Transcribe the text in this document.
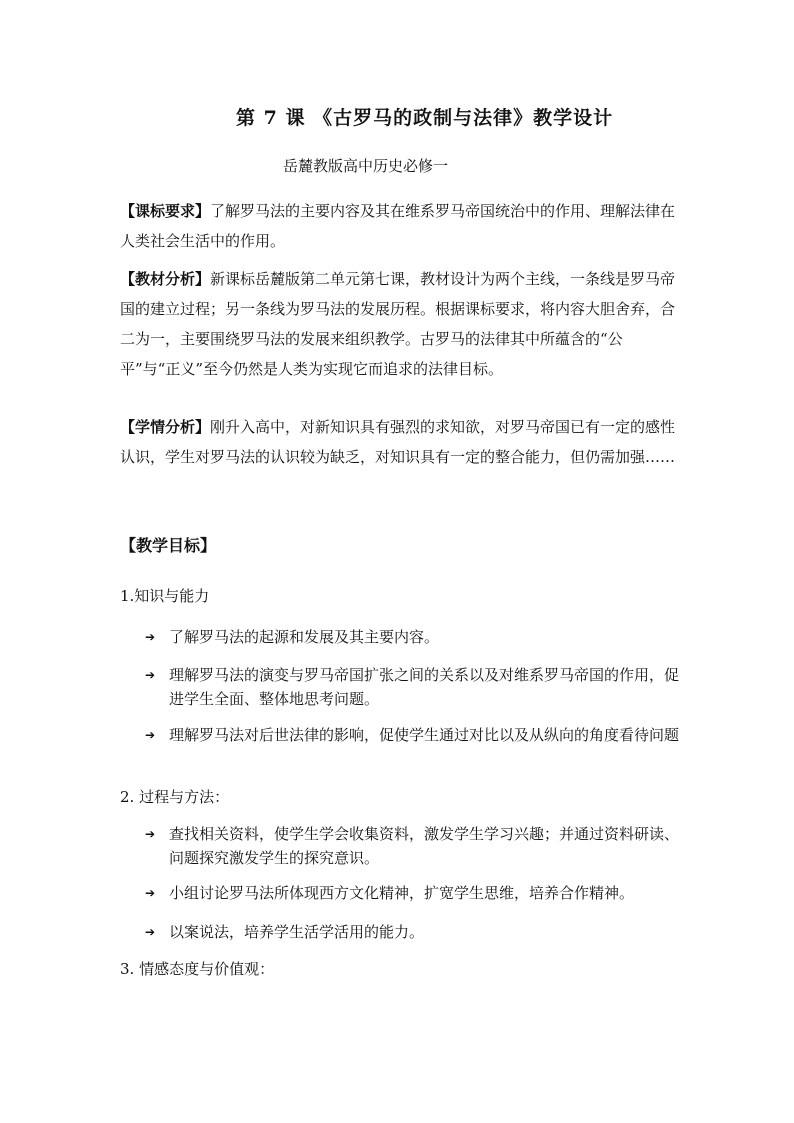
第 7 课 《古罗马的政制与法律》教学设计
岳麓教版高中历史必修一
【课标要求】了解罗马法的主要内容及其在维系罗马帝国统治中的作用、理解法律在人类社会生活中的作用。
【教材分析】新课标岳麓版第二单元第七课，教材设计为两个主线，一条线是罗马帝国的建立过程；另一条线为罗马法的发展历程。根据课标要求，将内容大胆舍弃，合二为一，主要围绕罗马法的发展来组织教学。古罗马的法律其中所蕴含的“公平”与“正义”至今仍然是人类为实现它而追求的法律目标。
【学情分析】刚升入高中，对新知识具有强烈的求知欲，对罗马帝国已有一定的感性认识，学生对罗马法的认识较为缺乏，对知识具有一定的整合能力，但仍需加强……
【教学目标】
1.知识与能力
➔ 了解罗马法的起源和发展及其主要内容。
➔ 理解罗马法的演变与罗马帝国扩张之间的关系以及对维系罗马帝国的作用，促进学生全面、整体地思考问题。
➔ 理解罗马法对后世法律的影响，促使学生通过对比以及从纵向的角度看待问题
2. 过程与方法：
➔ 查找相关资料，使学生学会收集资料，激发学生学习兴趣；并通过资料研读、问题探究激发学生的探究意识。
➔ 小组讨论罗马法所体现西方文化精神，扩宽学生思维，培养合作精神。
➔ 以案说法，培养学生活学活用的能力。
3. 情感态度与价值观：
